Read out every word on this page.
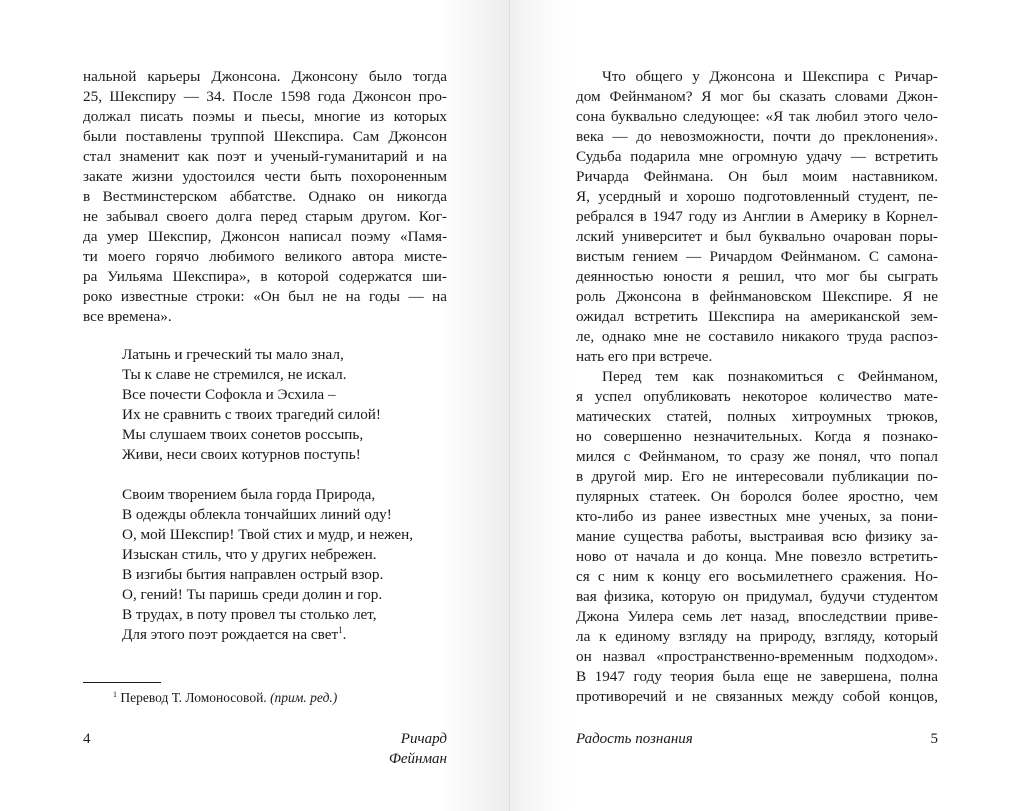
нальной карьеры Джонсона. Джонсону было тогда
25, Шекспиру — 34. После 1598 года Джонсон про-
должал писать поэмы и пьесы, многие из которых
были поставлены труппой Шекспира. Сам Джонсон
стал знаменит как поэт и ученый-гуманитарий и на
закате жизни удостоился чести быть похороненным
в Вестминстерском аббатстве. Однако он никогда
не забывал своего долга перед старым другом. Ког-
да умер Шекспир, Джонсон написал поэму «Памя-
ти моего горячо любимого великого автора мисте-
ра Уильяма Шекспира», в которой содержатся ши-
роко известные строки: «Он был не на годы — на
все времена».
Латынь и греческий ты мало знал,
Ты к славе не стремился, не искал.
Все почести Софокла и Эсхила –
Их не сравнить с твоих трагедий силой!
Мы слушаем твоих сонетов россыпь,
Живи, неси своих котурнов поступь!
Своим творением была горда Природа,
В одежды облекла тончайших линий оду!
О, мой Шекспир! Твой стих и мудр, и нежен,
Изыскан стиль, что у других небрежен.
В изгибы бытия направлен острый взор.
О, гений! Ты паришь среди долин и гор.
В трудах, в поту провел ты столько лет,
Для этого поэт рождается на свет$^1$.
$^1$ Перевод Т. Ломоносовой. (прим. ред.)
4	Ричард Фейнман
Что общего у Джонсона и Шекспира с Ричар-
дом Фейнманом? Я мог бы сказать словами Джон-
сона буквально следующее: «Я так любил этого чело-
века — до невозможности, почти до преклонения».
Судьба подарила мне огромную удачу — встретить
Ричарда Фейнмана. Он был моим наставником.
Я, усердный и хорошо подготовленный студент, пе-
ребрался в 1947 году из Англии в Америку в Корнел-
лский университет и был буквально очарован поры-
вистым гением — Ричардом Фейнманом. С самона-
деянностью юности я решил, что мог бы сыграть
роль Джонсона в фейнмановском Шекспире. Я не
ожидал встретить Шекспира на американской зем-
ле, однако мне не составило никакого труда распоз-
нать его при встрече.
Перед тем как познакомиться с Фейнманом,
я успел опубликовать некоторое количество мате-
матических статей, полных хитроумных трюков,
но совершенно незначительных. Когда я познако-
мился с Фейнманом, то сразу же понял, что попал
в другой мир. Его не интересовали публикации по-
пулярных статеек. Он боролся более яростно, чем
кто-либо из ранее известных мне ученых, за пони-
мание существа работы, выстраивая всю физику за-
ново от начала и до конца. Мне повезло встретить-
ся с ним к концу его восьмилетнего сражения. Но-
вая физика, которую он придумал, будучи студентом
Джона Уилера семь лет назад, впоследствии приве-
ла к единому взгляду на природу, взгляду, который
он назвал «пространственно-временным подходом».
В 1947 году теория была еще не завершена, полна
противоречий и не связанных между собой концов,
Радость познания	5
